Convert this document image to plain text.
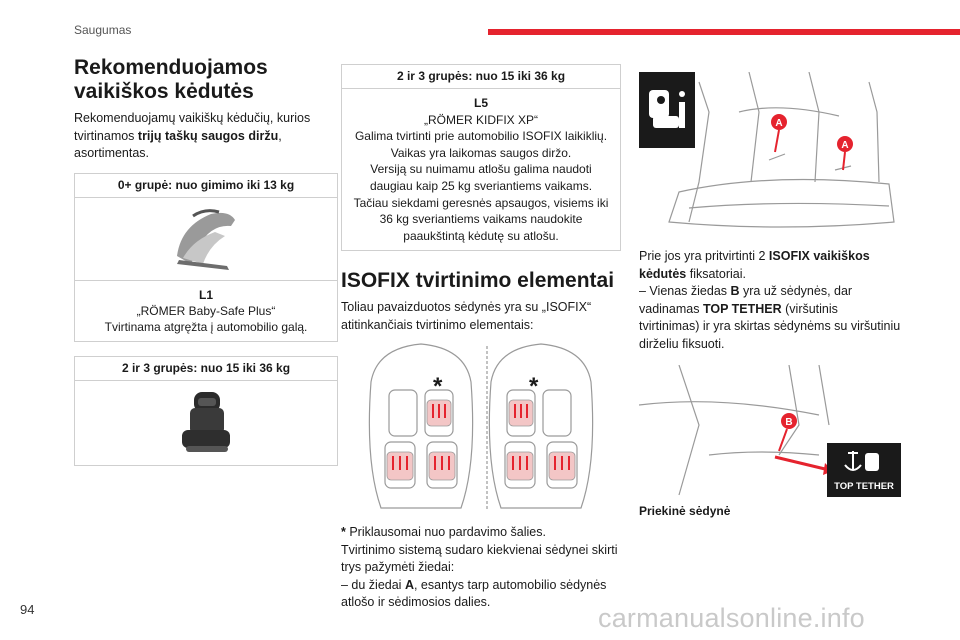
Saugumas
Rekomenduojamos vaikiškos kėdutės

Rekomenduojamų vaikiškų kėdučių, kurios tvirtinamos trijų taškų saugos diržu, asortimentas.

0+ grupė: nuo gimimo iki 13 kg
L1
„RÖMER Baby-Safe Plus“
Tvirtinama atgręžta į automobilio galą.
2 ir 3 grupės: nuo 15 iki 36 kg
2 ir 3 grupės: nuo 15 iki 36 kg
L5
„RÖMER KIDFIX XP“
Galima tvirtinti prie automobilio ISOFIX laikiklių.
Vaikas yra laikomas saugos diržo.
Versiją su nuimamu atlošu galima naudoti daugiau kaip 25 kg sveriantiems vaikams.
Tačiau siekdami geresnės apsaugos, visiems iki 36 kg sveriantiems vaikams naudokite paaukštintą kėdutę su atlošu.
ISOFIX tvirtinimo elementai

Toliau pavaizduotos sėdynės yra su „ISOFIX“ atitinkančiais tvirtinimo elementais:

*	*

* Priklausomai nuo pardavimo šalies.

Tvirtinimo sistemą sudaro kiekvienai sėdynei skirti trys pažymėti žiedai:

– du žiedai A, esantys tarp automobilio sėdynės atlošo ir sėdimosios dalies.

A
A

Prie jos yra pritvirtinti 2 ISOFIX vaikiškos kėdutės fiksatoriai.

– Vienas žiedas B yra už sėdynės, dar vadinamas TOP TETHER (viršutinis tvirtinimas) ir yra skirtas sėdynėms su viršutiniu dirželiu fiksuoti.

B
TOP TETHER

Priekinė sėdynė

94	carmanualsonline.info
